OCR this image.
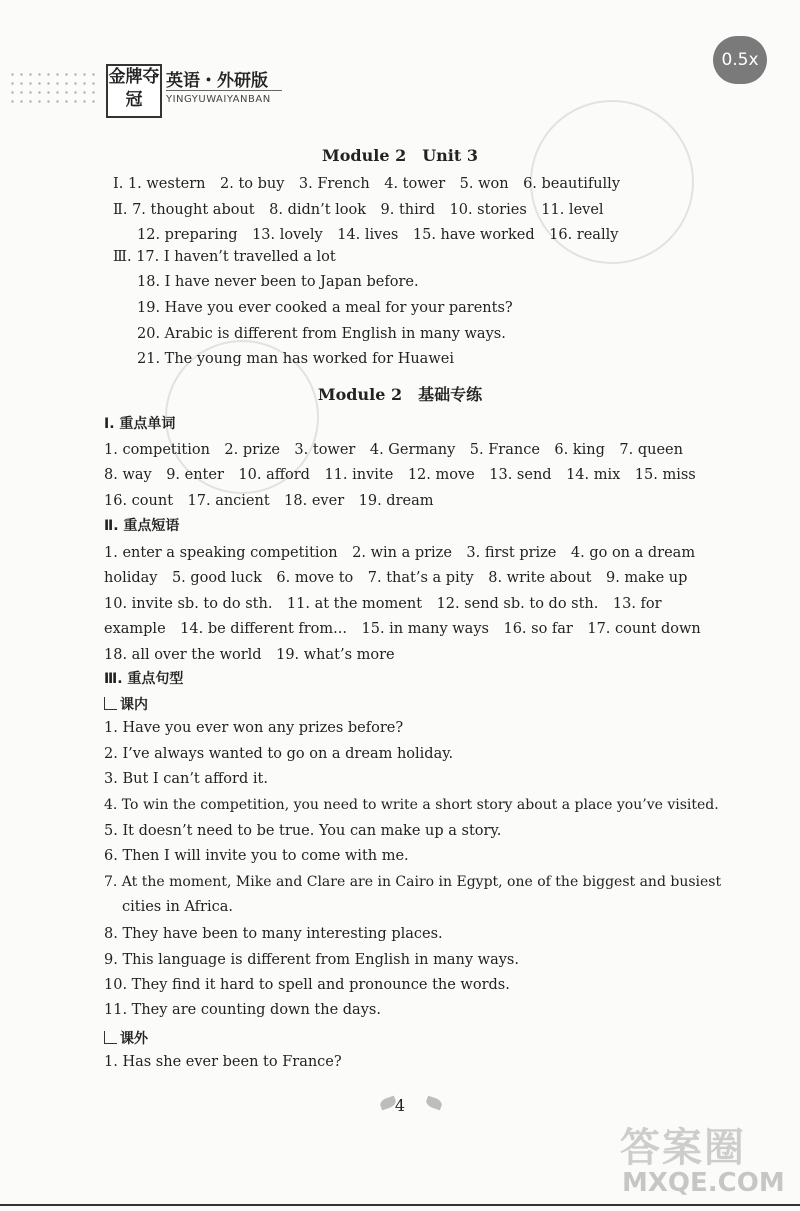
金牌夺冠
英语・外研版
YINGYUWAIYANBAN
0.5x
Module 2　Unit 3
Ⅰ. 1. western　2. to buy　3. French　4. tower　5. won　6. beautifully
Ⅱ. 7. thought about　8. didn’t look　9. third　10. stories　11. level
12. preparing　13. lovely　14. lives　15. have worked　16. really
Ⅲ. 17. I haven’t travelled a lot
18. I have never been to Japan before.
19. Have you ever cooked a meal for your parents?
20. Arabic is different from English in many ways.
21. The young man has worked for Huawei
Module 2　基础专练
Ⅰ. 重点单词
1. competition　2. prize　3. tower　4. Germany　5. France　6. king　7. queen
8. way　9. enter　10. afford　11. invite　12. move　13. send　14. mix　15. miss
16. count　17. ancient　18. ever　19. dream
Ⅱ. 重点短语
1. enter a speaking competition　2. win a prize　3. first prize　4. go on a dream
holiday　5. good luck　6. move to　7. that’s a pity　8. write about　9. make up
10. invite sb. to do sth.　11. at the moment　12. send sb. to do sth.　13. for
example　14. be different from...　15. in many ways　16. so far　17. count down
18. all over the world　19. what’s more
Ⅲ. 重点句型
课内
1. Have you ever won any prizes before?
2. I’ve always wanted to go on a dream holiday.
3. But I can’t afford it.
4. To win the competition, you need to write a short story about a place you’ve visited.
5. It doesn’t need to be true. You can make up a story.
6. Then I will invite you to come with me.
7. At the moment, Mike and Clare are in Cairo in Egypt, one of the biggest and busiest
cities in Africa.
8. They have been to many interesting places.
9. This language is different from English in many ways.
10. They find it hard to spell and pronounce the words.
11. They are counting down the days.
课外
1. Has she ever been to France?
4
答案圈
MXQE.COM
